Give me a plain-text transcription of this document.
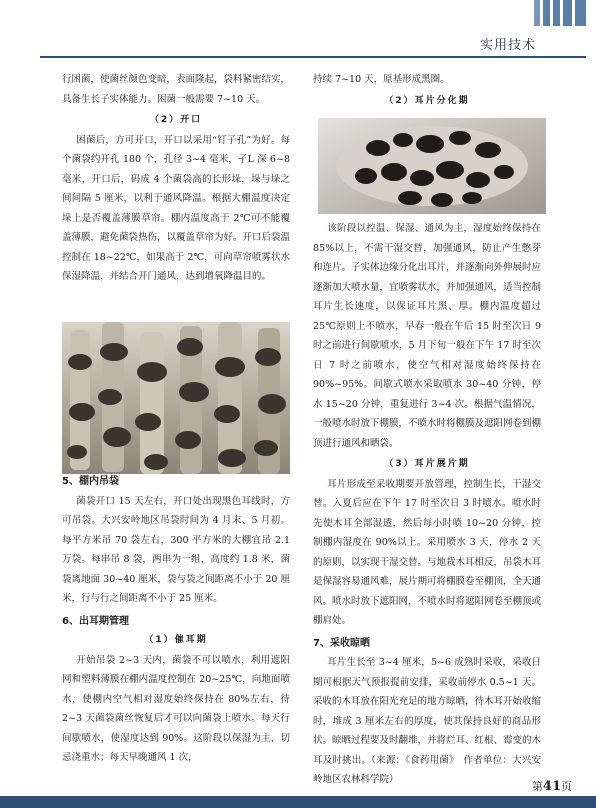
实用技术

行困菌，使菌丝颜色变暗，表面隆起，袋料紧密结实，具备生长子实体能力。困菌一般需要 7~10 天。

（2）开口

困菌后，方可开口，开口以采用“钉子孔”为好。每个菌袋约开孔 180 个，孔径 3~4 毫米，孑L 深 6~8 毫米，开口后，码成 4 个菌袋高的长形垛，垛与垛之间间隔 5 厘米，以利于通风降温。根据大棚温度决定垛上是否覆盖薄膜草帘。棚内温度高于 2℃可不能覆盖薄膜，避免菌袋热伤，以覆盖草帘为好。开口后袋温控制在 18~22℃，如果高于 2℃，可向草帘喷雾状水保湿降温，并结合开门通风，达到增氧降温目的。

5、棚内吊袋

菌袋开口 15 天左右，开口处出现黑色耳线时，方可吊袋。大兴安岭地区吊袋时间为 4 月末、5 月初。每平方米吊 70 袋左右，300 平方米的大棚宜吊 2.1 万袋。每串吊 8 袋，两串为一组，高度约 1.8 米，菌袋离地面 30~40 厘米，袋与袋之间距离不小于 20 厘米，行与行之间距离不小于 25 厘米。

6、出耳期管理

（1）催耳期

开始吊袋 2~3 天内，菌袋不可以喷水，利用遮阳网和塑料薄膜在棚内温度控制在 20~25℃，向地面喷水，使棚内空气相对湿度始终保持在 80%左右，待 2~3 天菌袋菌丝恢复后才可以向菌袋上喷水。每天行间歇喷水，使湿度达到 90%。这阶段以保湿为主，切忌浇重水；每天早晚通风 1 次，

持续 7~10 天，原基形成黑圈。

（2）耳片分化期

该阶段以控温、保湿、通风为主，湿度始终保持在 85%以上，不需干湿交替，加强通风，防止产生憋芽和连片。子实体边缘分化出耳片，并逐渐向外伸展时应逐渐加大喷水量，宜喷雾状水，并加强通风，适当控制耳片生长速度，以保证耳片黑、厚。棚内温度超过 25℃原则上不喷水，早春一般在午后 15 时至次日 9 时之前进行间歇喷水，5 月下旬一般在下午 17 时至次日 7 时之前喷水，使空气相对湿度始终保持在 90%~95%。间歇式喷水采取喷水 30~40 分钟，停水 15~20 分钟，重复进行 3~4 次。根据气温情况，一般喷水时放下棚膜，不喷水时将棚膜及遮阳网卷到棚顶进行通风和晒袋。

（3）耳片展片期

耳片形成至采收期要开放管理，控制生长，干湿交替。入夏后应在下午 17 时至次日 3 时喷水。喷水时先使木耳全部湿透，然后每小时喷 10~20 分钟，控制棚内湿度在 90%以上。采用喷水 3 天，停水 2 天的原则，以实现干湿交替。与地栽木耳相反，吊袋木耳是保湿容易通风难，展片期可将棚膜卷至棚顶，全天通风。喷水时放下遮阳网，不喷水时将遮阳网卷至棚顶或棚肩处。

7、采收晾晒

耳片生长至 3~4 厘米，5~6 成熟时采收，采收日期可根据天气预报提前安排，采收前停水 0.5~1 天。采收的木耳放在阳光充足的地方晾晒，待木耳开始收缩时，堆成 3 厘米左右的厚度，使其保持良好的商品形状。晾晒过程要及时翻堆，并将烂耳、红根、霉变的木耳及时挑出。（来源：《食药用菌》　作者单位：大兴安岭地区农林科学院）

第41页
